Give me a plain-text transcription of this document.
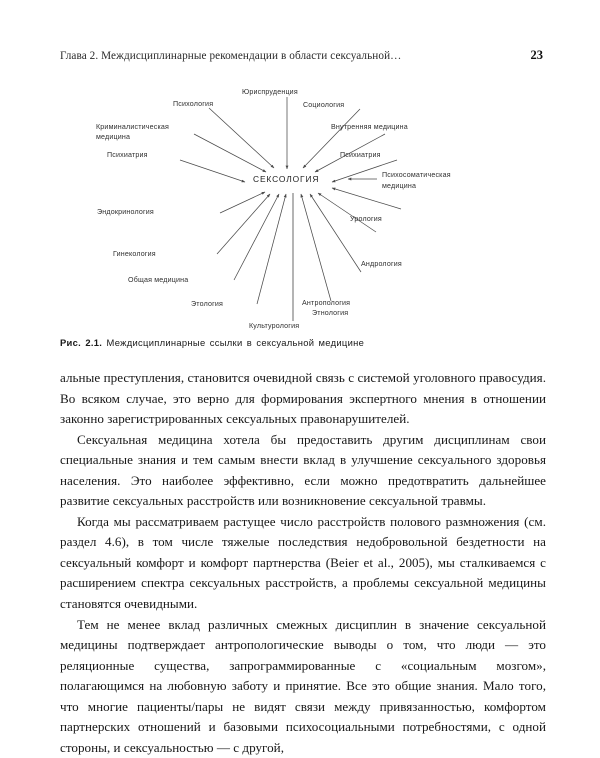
Глава 2. Междисциплинарные рекомендации в области сексуальной…	23
СЕКСОЛОГИЯ
Юриспруденция
Психология	Социология
Криминалистическая
медицина
Внутренняя медицина
Психиатрия	Психиатрия
Психосоматическая
медицина
Эндокринология
Урология
Гинекология
Андрология
Общая медицина
Этология	Антропология
Этнология
Культурология
Рис. 2.1. Междисциплинарные ссылки в сексуальной медицине

альные преступления, становится очевидной связь с системой уголовного правосудия. Во всяком случае, это верно для формирования экспертного мнения в отношении законно зарегистрированных сексуальных правонарушителей.

Сексуальная медицина хотела бы предоставить другим дисциплинам свои специальные знания и тем самым внести вклад в улучшение сексуального здоровья населения. Это наиболее эффективно, если можно предотвратить дальнейшее развитие сексуальных расстройств или возникновение сексуальной травмы.

Когда мы рассматриваем растущее число расстройств полового размножения (см. раздел 4.6), в том числе тяжелые последствия недобровольной бездетности на сексуальный комфорт и комфорт партнерства (Beier et al., 2005), мы сталкиваемся с расширением спектра сексуальных расстройств, а проблемы сексуальной медицины становятся очевидными.

Тем не менее вклад различных смежных дисциплин в значение сексуальной медицины подтверждает антропологические выводы о том, что люди — это реляционные существа, запрограммированные с «социальным мозгом», полагающимся на любовную заботу и принятие. Все это общие знания. Мало того, что многие пациенты/пары не видят связи между привязанностью, комфортом партнерских отношений и базовыми психосоциальными потребностями, с одной стороны, и сексуальностью — с другой,
